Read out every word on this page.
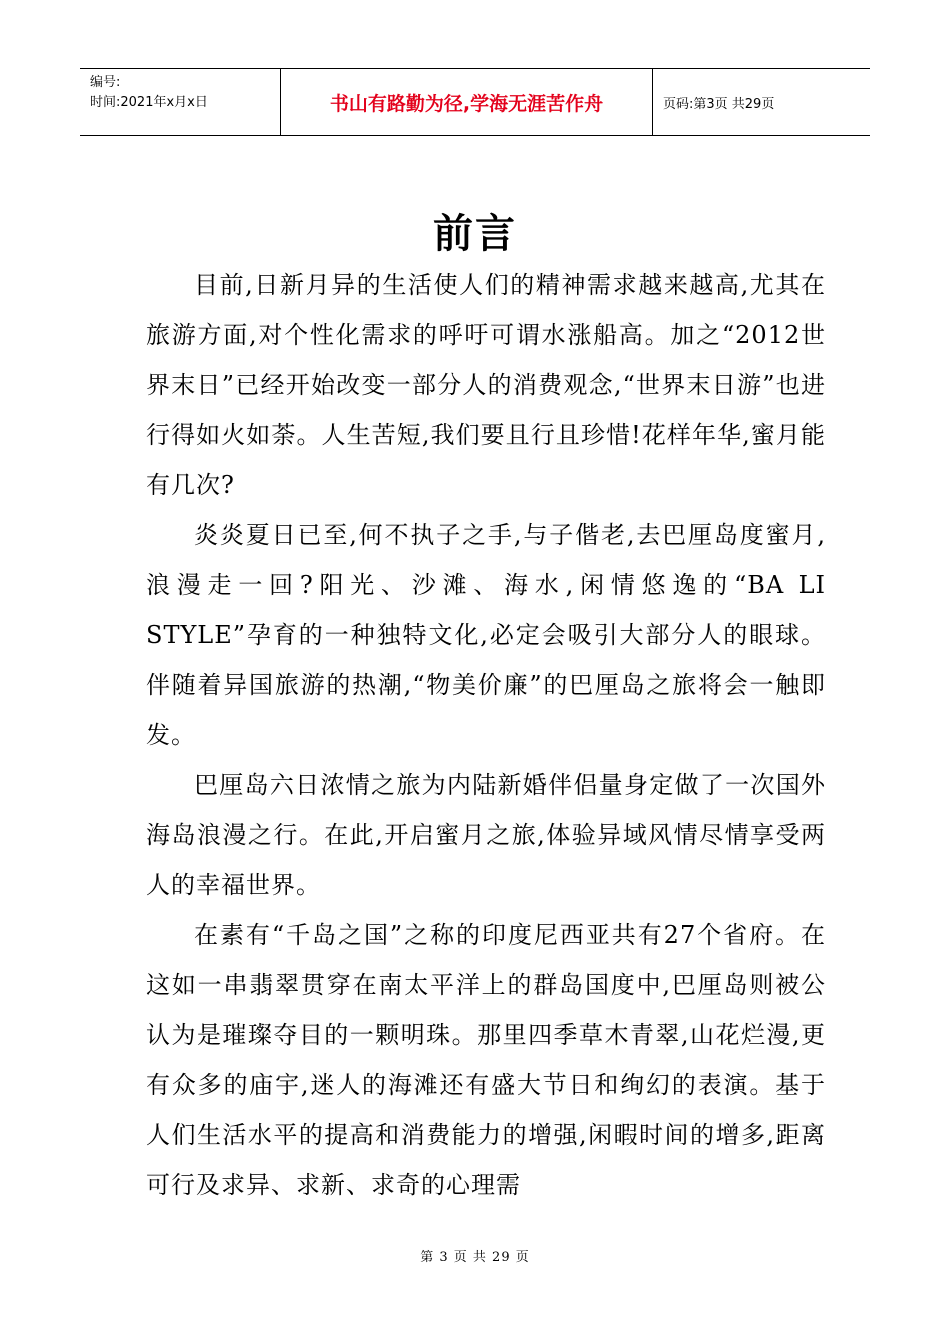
编号:
时间:2021年x月x日	书山有路勤为径,学海无涯苦作舟	页码:第3页 共29页
前言

目前,日新月异的生活使人们的精神需求越来越高,尤其在旅游方面,对个性化需求的呼吁可谓水涨船高。加之“2012世界末日”已经开始改变一部分人的消费观念,“世界末日游”也进行得如火如荼。人生苦短,我们要且行且珍惜!花样年华,蜜月能有几次?

炎炎夏日已至,何不执子之手,与子偕老,去巴厘岛度蜜月,浪漫走一回?阳光、沙滩、海水,闲情悠逸的“BA LI STYLE”孕育的一种独特文化,必定会吸引大部分人的眼球。伴随着异国旅游的热潮,“物美价廉”的巴厘岛之旅将会一触即发。

巴厘岛六日浓情之旅为内陆新婚伴侣量身定做了一次国外海岛浪漫之行。在此,开启蜜月之旅,体验异域风情尽情享受两人的幸福世界。

在素有“千岛之国”之称的印度尼西亚共有27个省府。在这如一串翡翠贯穿在南太平洋上的群岛国度中,巴厘岛则被公认为是璀璨夺目的一颗明珠。那里四季草木青翠,山花烂漫,更有众多的庙宇,迷人的海滩还有盛大节日和绚幻的表演。基于人们生活水平的提高和消费能力的增强,闲暇时间的增多,距离可行及求异、求新、求奇的心理需

第 3 页 共 29 页
